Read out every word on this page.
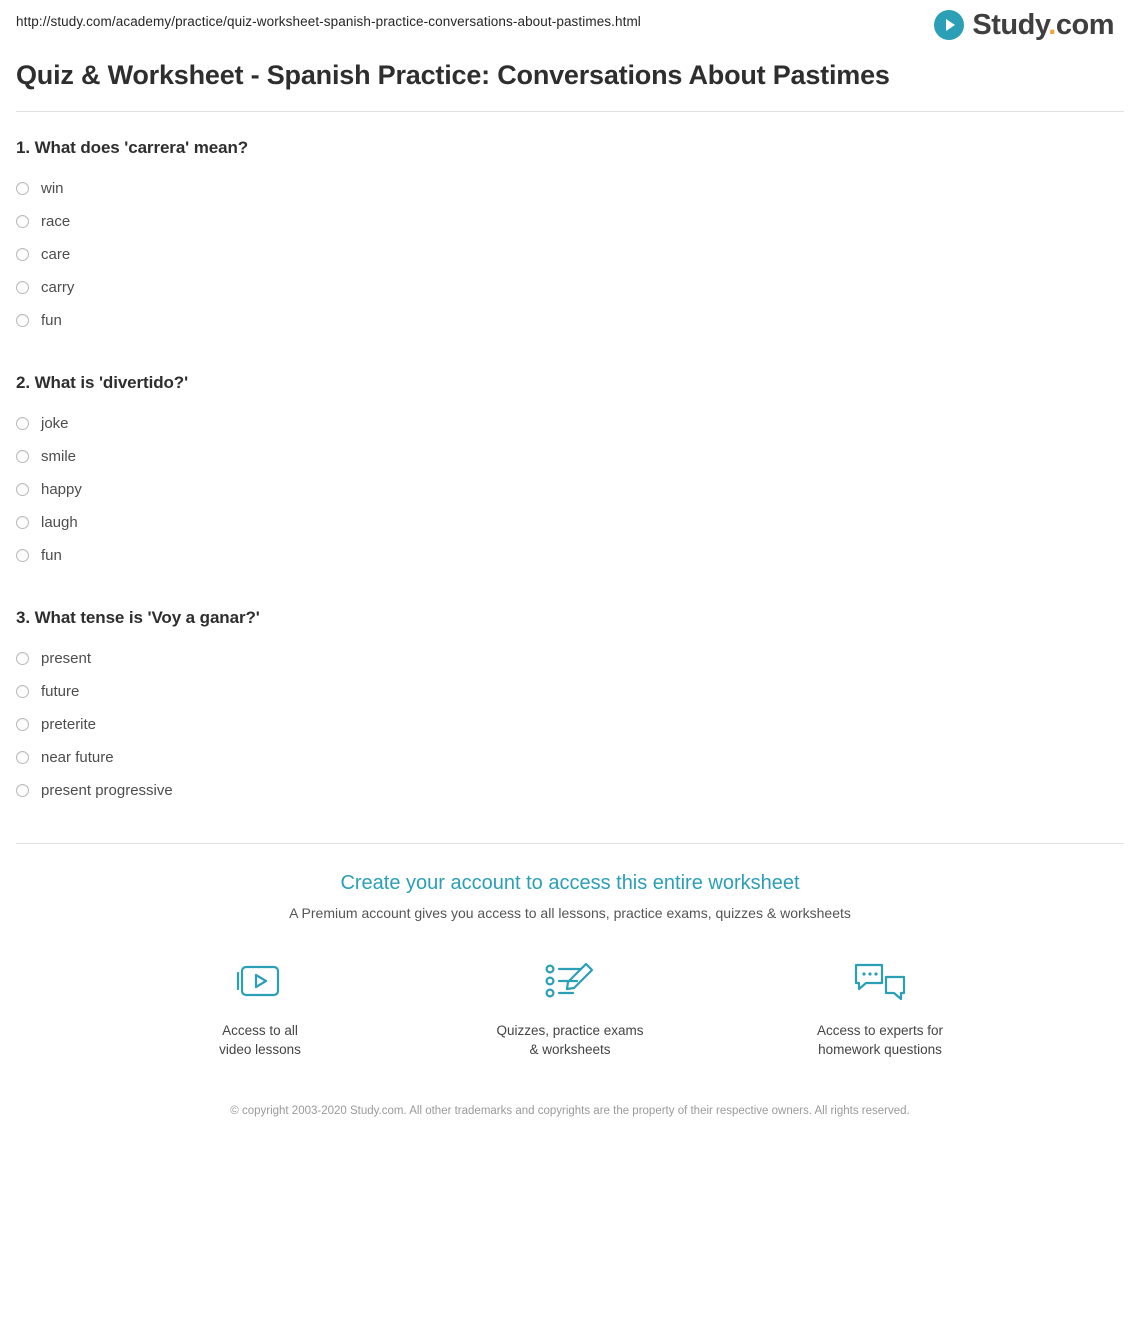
http://study.com/academy/practice/quiz-worksheet-spanish-practice-conversations-about-pastimes.html	Study.com
Quiz & Worksheet - Spanish Practice: Conversations About Pastimes

1. What does 'carrera' mean?

win
race
care
carry
fun

2. What is 'divertido?'

joke
smile
happy
laugh
fun

3. What tense is 'Voy a ganar?'

present
future
preterite
near future
present progressive

Create your account to access this entire worksheet

A Premium account gives you access to all lessons, practice exams, quizzes & worksheets

Access to all
video lessons
Quizzes, practice exams
& worksheets
Access to experts for
homework questions
© copyright 2003-2020 Study.com. All other trademarks and copyrights are the property of their respective owners. All rights reserved.
